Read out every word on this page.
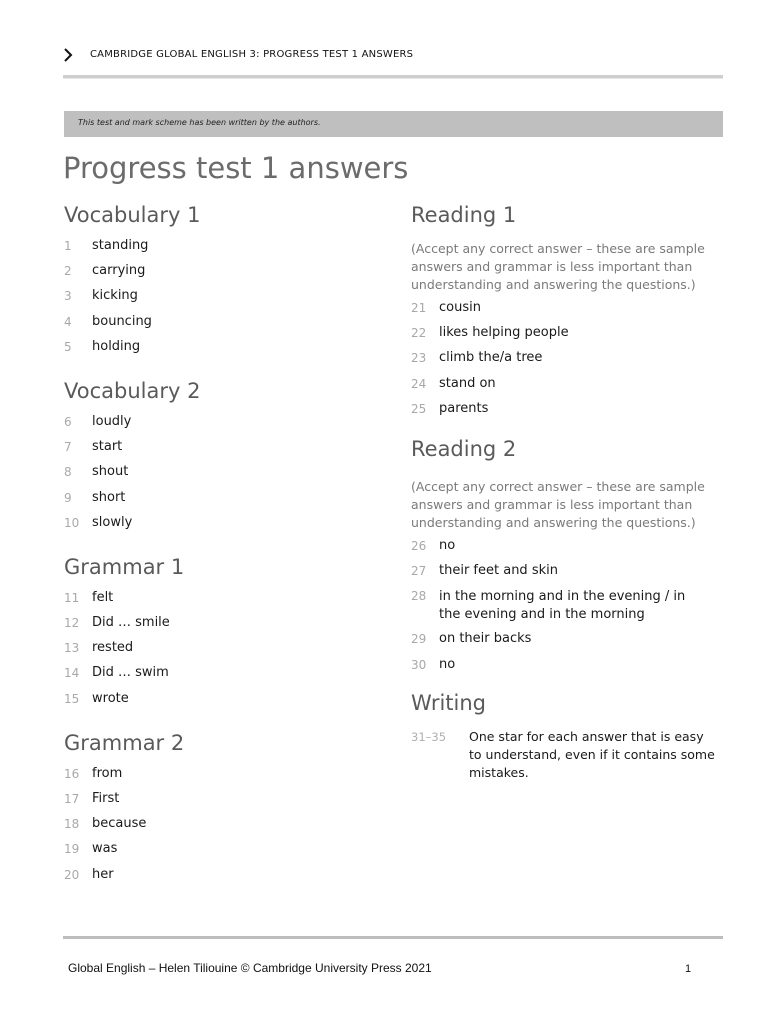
CAMBRIDGE GLOBAL ENGLISH 3: PROGRESS TEST 1 ANSWERS
This test and mark scheme has been written by the authors.
Progress test 1 answers
Vocabulary 1
1	standing
2	carrying
3	kicking
4	bouncing
5	holding
Vocabulary 2
6	loudly
7	start
8	shout
9	short
10 slowly
Grammar 1
11 felt
12 Did … smile
13 rested
14 Did … swim
15 wrote
Grammar 2
16 from
17 First
18 because
19 was
20 her
Reading 1
(Accept any correct answer – these are sample answers and grammar is less important than understanding and answering the questions.)
21 cousin
22 likes helping people
23 climb the/a tree
24 stand on
25 parents
Reading 2
(Accept any correct answer – these are sample answers and grammar is less important than understanding and answering the questions.)
26 no
27 their feet and skin
28 in the morning and in the evening / in the evening and in the morning
29 on their backs
30 no
Writing
31–35 One star for each answer that is easy to understand, even if it contains some mistakes.
Global English – Helen Tiliouine © Cambridge University Press 2021	1
